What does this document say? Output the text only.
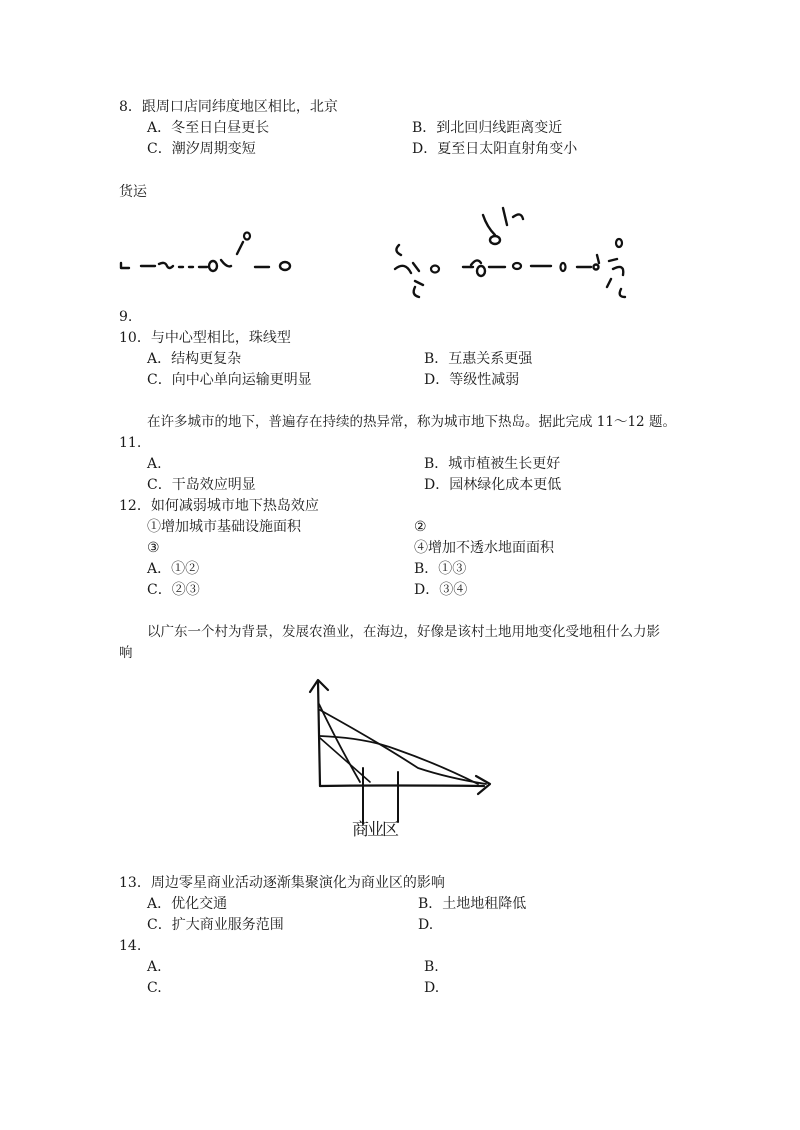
8．跟周口店同纬度地区相比，北京
A．冬至日白昼更长	B．到北回归线距离变近
C．潮汐周期变短	D．夏至日太阳直射角变小
货运
9.
10．与中心型相比，珠线型
A．结构更复杂	B．互惠关系更强
C．向中心单向运输更明显	D．等级性减弱
在许多城市的地下，普遍存在持续的热异常，称为城市地下热岛。据此完成 11～12 题。
11.
A.	B．城市植被生长更好
C．干岛效应明显	D．园林绿化成本更低
12．如何减弱城市地下热岛效应
①增加城市基础设施面积	②
③	④增加不透水地面面积
A．①②	B．①③
C．②③	D．③④
以广东一个村为背景，发展农渔业，在海边，好像是该村土地用地变化受地租什么力影
响
商业区
13．周边零星商业活动逐渐集聚演化为商业区的影响
A．优化交通	B．土地地租降低
C．扩大商业服务范围	D.
14.
A.	B.
C.	D.
